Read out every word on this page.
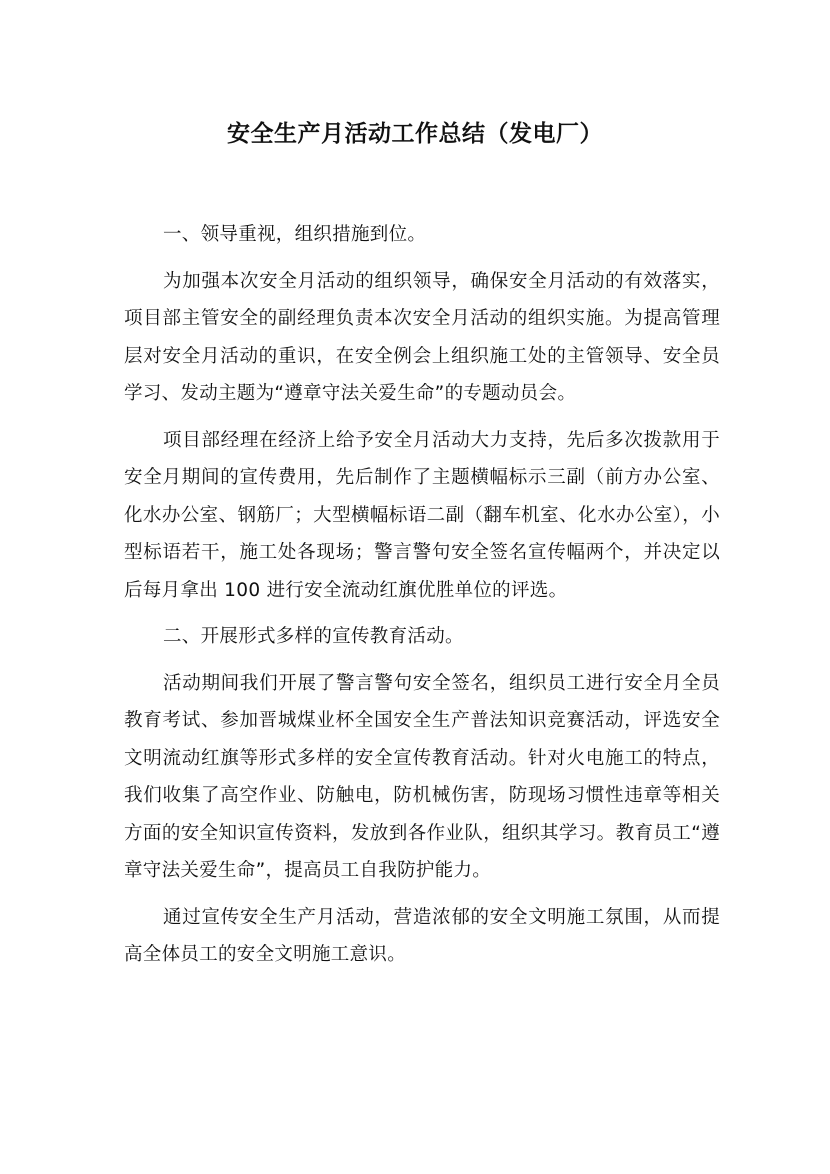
安全生产月活动工作总结（发电厂）

一、领导重视，组织措施到位。

为加强本次安全月活动的组织领导，确保安全月活动的有效落实，项目部主管安全的副经理负责本次安全月活动的组织实施。为提高管理层对安全月活动的重识，在安全例会上组织施工处的主管领导、安全员学习、发动主题为“遵章守法关爱生命”的专题动员会。

项目部经理在经济上给予安全月活动大力支持，先后多次拨款用于安全月期间的宣传费用，先后制作了主题横幅标示三副（前方办公室、化水办公室、钢筋厂；大型横幅标语二副（翻车机室、化水办公室），小型标语若干，施工处各现场；警言警句安全签名宣传幅两个，并决定以后每月拿出 100 进行安全流动红旗优胜单位的评选。

二、开展形式多样的宣传教育活动。

活动期间我们开展了警言警句安全签名，组织员工进行安全月全员教育考试、参加晋城煤业杯全国安全生产普法知识竞赛活动，评选安全文明流动红旗等形式多样的安全宣传教育活动。针对火电施工的特点，我们收集了高空作业、防触电，防机械伤害，防现场习惯性违章等相关方面的安全知识宣传资料，发放到各作业队，组织其学习。教育员工“遵章守法关爱生命”，提高员工自我防护能力。

通过宣传安全生产月活动，营造浓郁的安全文明施工氛围，从而提高全体员工的安全文明施工意识。
